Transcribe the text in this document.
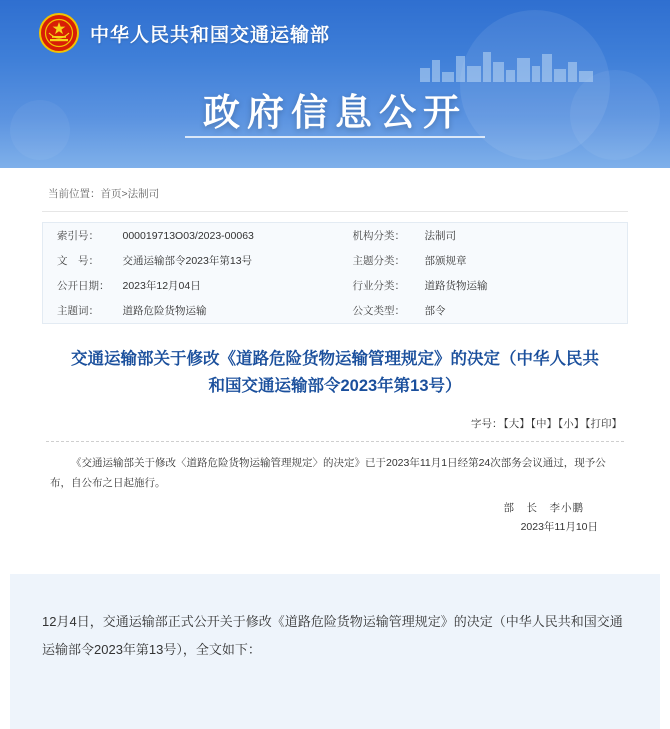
中华人民共和国交通运输部
政府信息公开
当前位置：首页>法制司
索引号：	000019713O03/2023-00063	机构分类：	法制司
文　号：	交通运输部令2023年第13号	主题分类：	部颁规章
公开日期：	2023年12月04日	行业分类：	道路货物运输
主题词：	道路危险货物运输	公文类型：	部令
交通运输部关于修改《道路危险货物运输管理规定》的决定（中华人民共和国交通运输部令2023年第13号）
字号：【大】【中】【小】【打印】
《交通运输部关于修改〈道路危险货物运输管理规定〉的决定》已于2023年11月1日经第24次部务会议通过，现予公布，自公布之日起施行。
部　长　李小鹏
2023年11月10日

12月4日，交通运输部正式公开关于修改《道路危险货物运输管理规定》的决定（中华人民共和国交通运输部令2023年第13号），全文如下：
